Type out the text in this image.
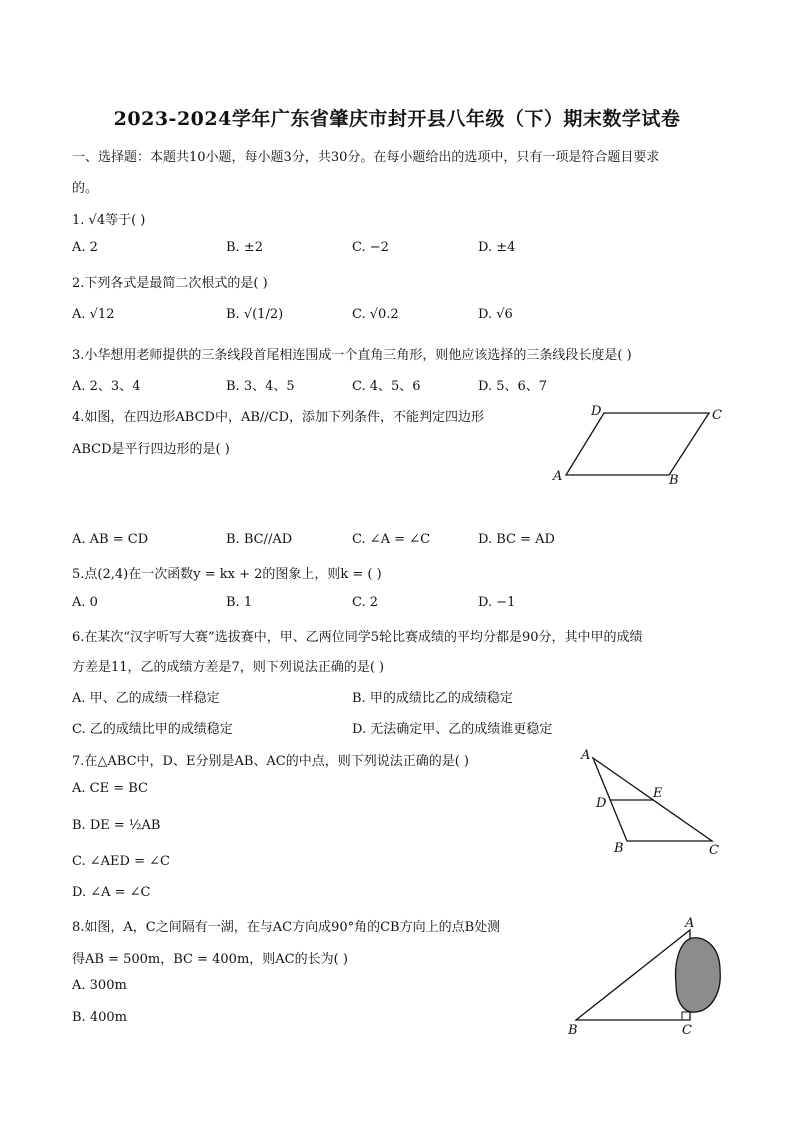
2023-2024学年广东省肇庆市封开县八年级（下）期末数学试卷
一、选择题：本题共10小题，每小题3分，共30分。在每小题给出的选项中，只有一项是符合题目要求
的。
1. √4等于( )
A. 2	B. ±2	C. −2	D. ±4
2.下列各式是最简二次根式的是( )
A. √12	B. √(1/2)	C. √0.2	D. √6
3.小华想用老师提供的三条线段首尾相连围成一个直角三角形，则他应该选择的三条线段长度是( )
A. 2、3、4	B. 3、4、5	C. 4、5、6	D. 5、6、7
4.如图，在四边形ABCD中，AB//CD，添加下列条件，不能判定四边形
ABCD是平行四边形的是( )
D	C
A	B
A. AB = CD	B. BC//AD	C. ∠A = ∠C	D. BC = AD
5.点(2,4)在一次函数y = kx + 2的图象上，则k = ( )
A. 0	B. 1	C. 2	D. −1
6.在某次“汉字听写大赛”选拔赛中，甲、乙两位同学5轮比赛成绩的平均分都是90分，其中甲的成绩
方差是11，乙的成绩方差是7，则下列说法正确的是( )
A. 甲、乙的成绩一样稳定	B. 甲的成绩比乙的成绩稳定
C. 乙的成绩比甲的成绩稳定	D. 无法确定甲、乙的成绩谁更稳定
7.在△ABC中，D、E分别是AB、AC的中点，则下列说法正确的是( )
A. CE = BC
B. DE = ½AB
C. ∠AED = ∠C
D. ∠A = ∠C
A
E
D
B	C
8.如图，A，C之间隔有一湖，在与AC方向成90°角的CB方向上的点B处测
得AB = 500m，BC = 400m，则AC的长为( )
A. 300m
B. 400m
A
B	C
